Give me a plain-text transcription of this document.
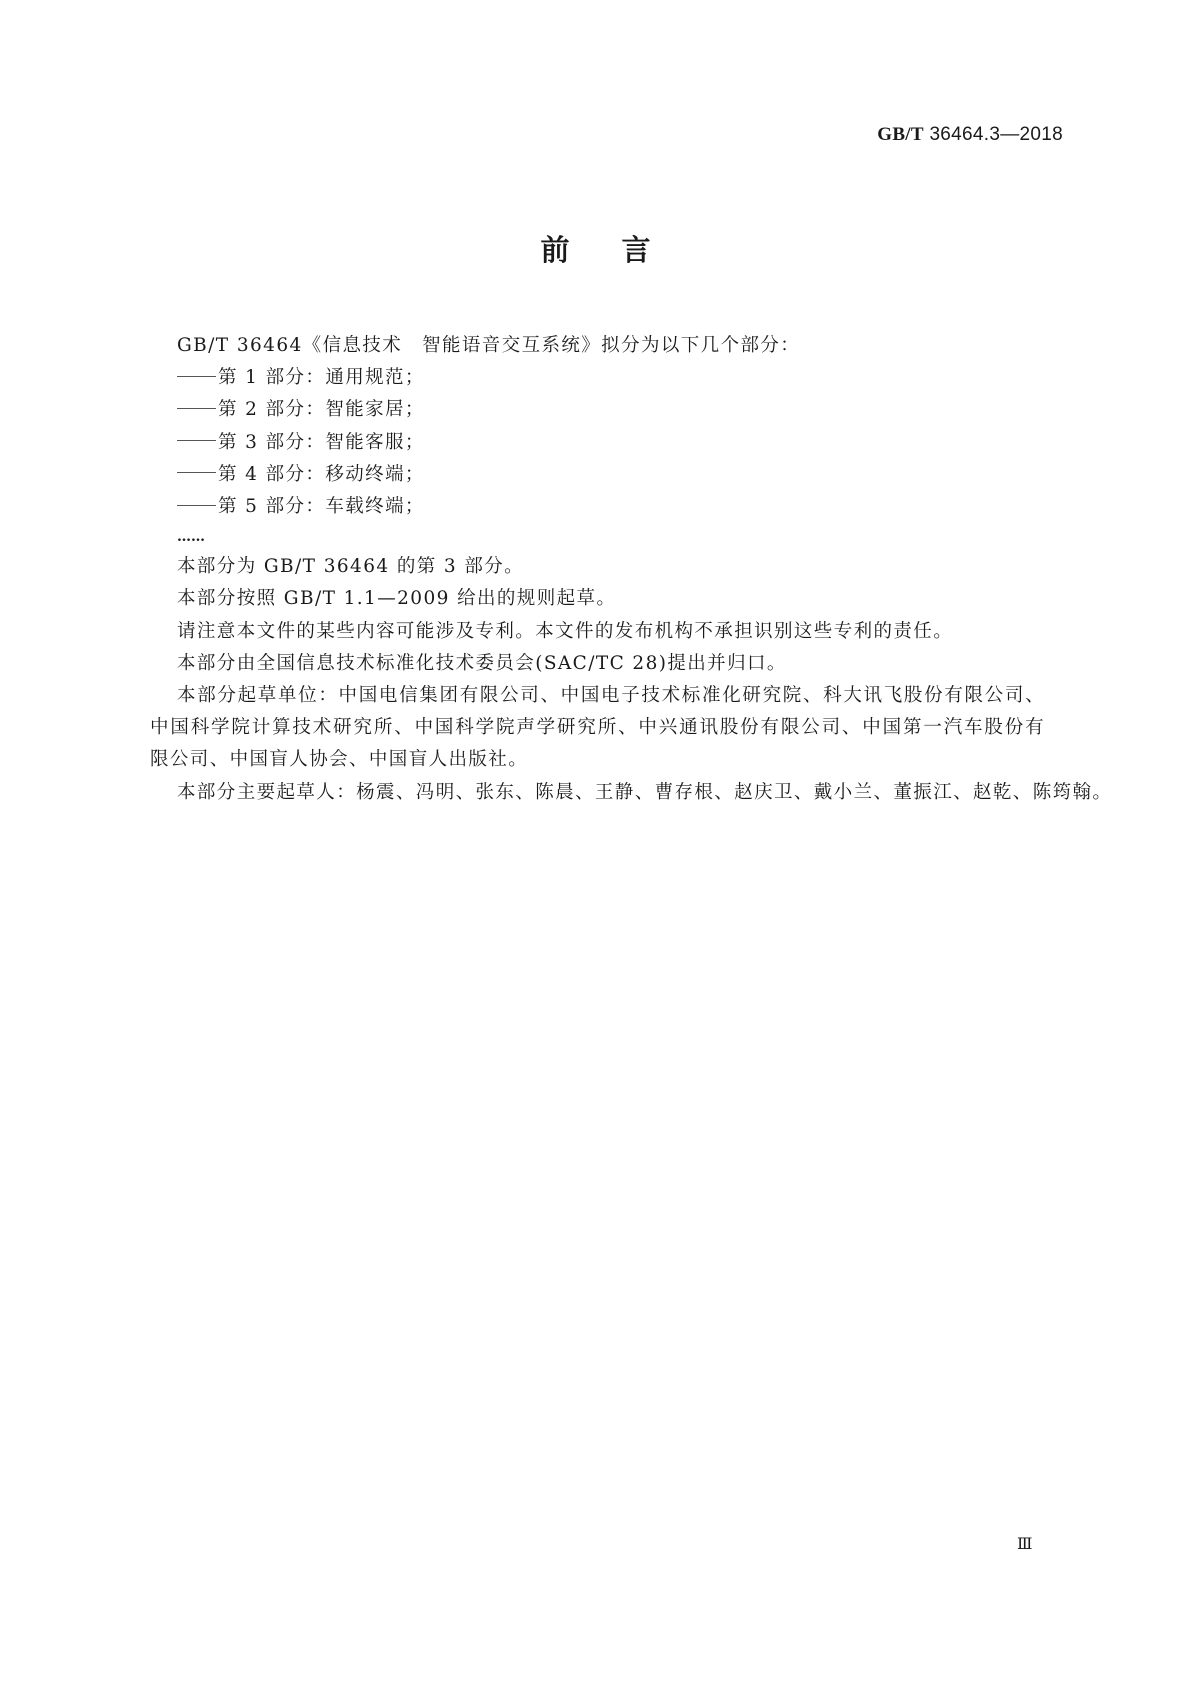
GB/T 36464.3—2018
前言

GB/T 36464《信息技术　智能语音交互系统》拟分为以下几个部分：

第 1 部分：通用规范；

第 2 部分：智能家居；

第 3 部分：智能客服；

第 4 部分：移动终端；

第 5 部分：车载终端；

……

本部分为 GB/T 36464 的第 3 部分。

本部分按照 GB/T 1.1—2009 给出的规则起草。

请注意本文件的某些内容可能涉及专利。本文件的发布机构不承担识别这些专利的责任。

本部分由全国信息技术标准化技术委员会(SAC/TC 28)提出并归口。

本部分起草单位：中国电信集团有限公司、中国电子技术标准化研究院、科大讯飞股份有限公司、中国科学院计算技术研究所、中国科学院声学研究所、中兴通讯股份有限公司、中国第一汽车股份有限公司、中国盲人协会、中国盲人出版社。

本部分主要起草人：杨震、冯明、张东、陈晨、王静、曹存根、赵庆卫、戴小兰、董振江、赵乾、陈筠翰。

Ⅲ
